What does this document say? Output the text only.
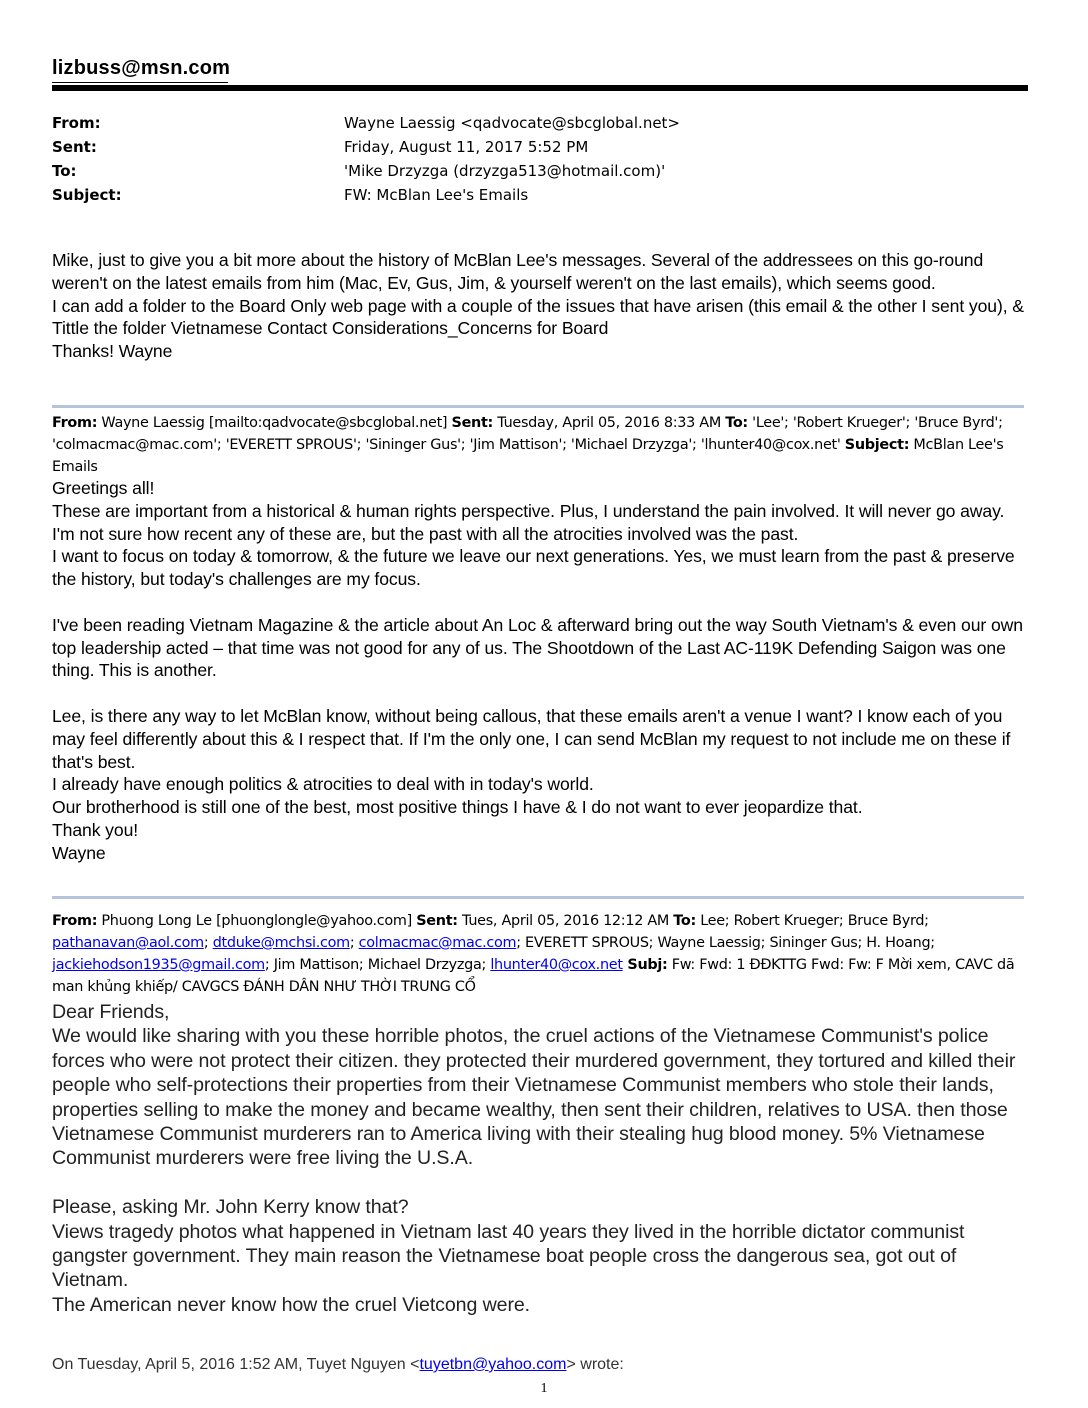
lizbuss@msn.com
From:	Wayne Laessig <qadvocate@sbcglobal.net>
Sent:	Friday, August 11, 2017 5:52 PM
To:	'Mike Drzyzga (drzyzga513@hotmail.com)'
Subject:	FW: McBlan Lee's Emails

Mike, just to give you a bit more about the history of McBlan Lee's messages. Several of the addressees on this go-round weren't on the latest emails from him (Mac, Ev, Gus, Jim, & yourself weren't on the last emails), which seems good.

I can add a folder to the Board Only web page with a couple of the issues that have arisen (this email & the other I sent you), & Tittle the folder Vietnamese Contact Considerations_Concerns for Board

Thanks! Wayne

From: Wayne Laessig [mailto:qadvocate@sbcglobal.net] Sent: Tuesday, April 05, 2016 8:33 AM To: 'Lee'; 'Robert Krueger'; 'Bruce Byrd'; 'colmacmac@mac.com'; 'EVERETT SPROUS'; 'Sininger Gus'; 'Jim Mattison'; 'Michael Drzyzga'; 'lhunter40@cox.net' Subject: McBlan Lee's Emails

Greetings all!

These are important from a historical & human rights perspective. Plus, I understand the pain involved. It will never go away.

I'm not sure how recent any of these are, but the past with all the atrocities involved was the past.

I want to focus on today & tomorrow, & the future we leave our next generations. Yes, we must learn from the past & preserve the history, but today's challenges are my focus.

I've been reading Vietnam Magazine & the article about An Loc & afterward bring out the way South Vietnam's & even our own top leadership acted – that time was not good for any of us. The Shootdown of the Last AC-119K Defending Saigon was one thing. This is another.

Lee, is there any way to let McBlan know, without being callous, that these emails aren't a venue I want? I know each of you may feel differently about this & I respect that. If I'm the only one, I can send McBlan my request to not include me on these if that's best.

I already have enough politics & atrocities to deal with in today's world.

Our brotherhood is still one of the best, most positive things I have & I do not want to ever jeopardize that.

Thank you!

Wayne

From: Phuong Long Le [phuonglongle@yahoo.com] Sent: Tues, April 05, 2016 12:12 AM To: Lee; Robert Krueger; Bruce Byrd; pathanavan@aol.com; dtduke@mchsi.com; colmacmac@mac.com; EVERETT SPROUS; Wayne Laessig; Sininger Gus; H. Hoang; jackiehodson1935@gmail.com; Jim Mattison; Michael Drzyzga; lhunter40@cox.net Subj: Fw: Fwd: 1 ĐĐKTTG Fwd: Fw: F Mời xem, CAVC dã man khủng khiếp/ CAVGCS ĐÁNH DÂN NHƯ THỜI TRUNG CỔ

Dear Friends,

We would like sharing with you these horrible photos, the cruel actions of the Vietnamese Communist's police forces who were not protect their citizen. they protected their murdered government, they tortured and killed their people who self-protections their properties from their Vietnamese Communist members who stole their lands, properties selling to make the money and became wealthy, then sent their children, relatives to USA. then those Vietnamese Communist murderers ran to America living with their stealing hug blood money. 5% Vietnamese Communist murderers were free living the U.S.A.

Please, asking Mr. John Kerry know that?

Views tragedy photos what happened in Vietnam last 40 years they lived in the horrible dictator communist gangster government. They main reason the Vietnamese boat people cross the dangerous sea, got out of Vietnam.

The American never know how the cruel Vietcong were.

On Tuesday, April 5, 2016 1:52 AM, Tuyet Nguyen <tuyetbn@yahoo.com> wrote:
1
